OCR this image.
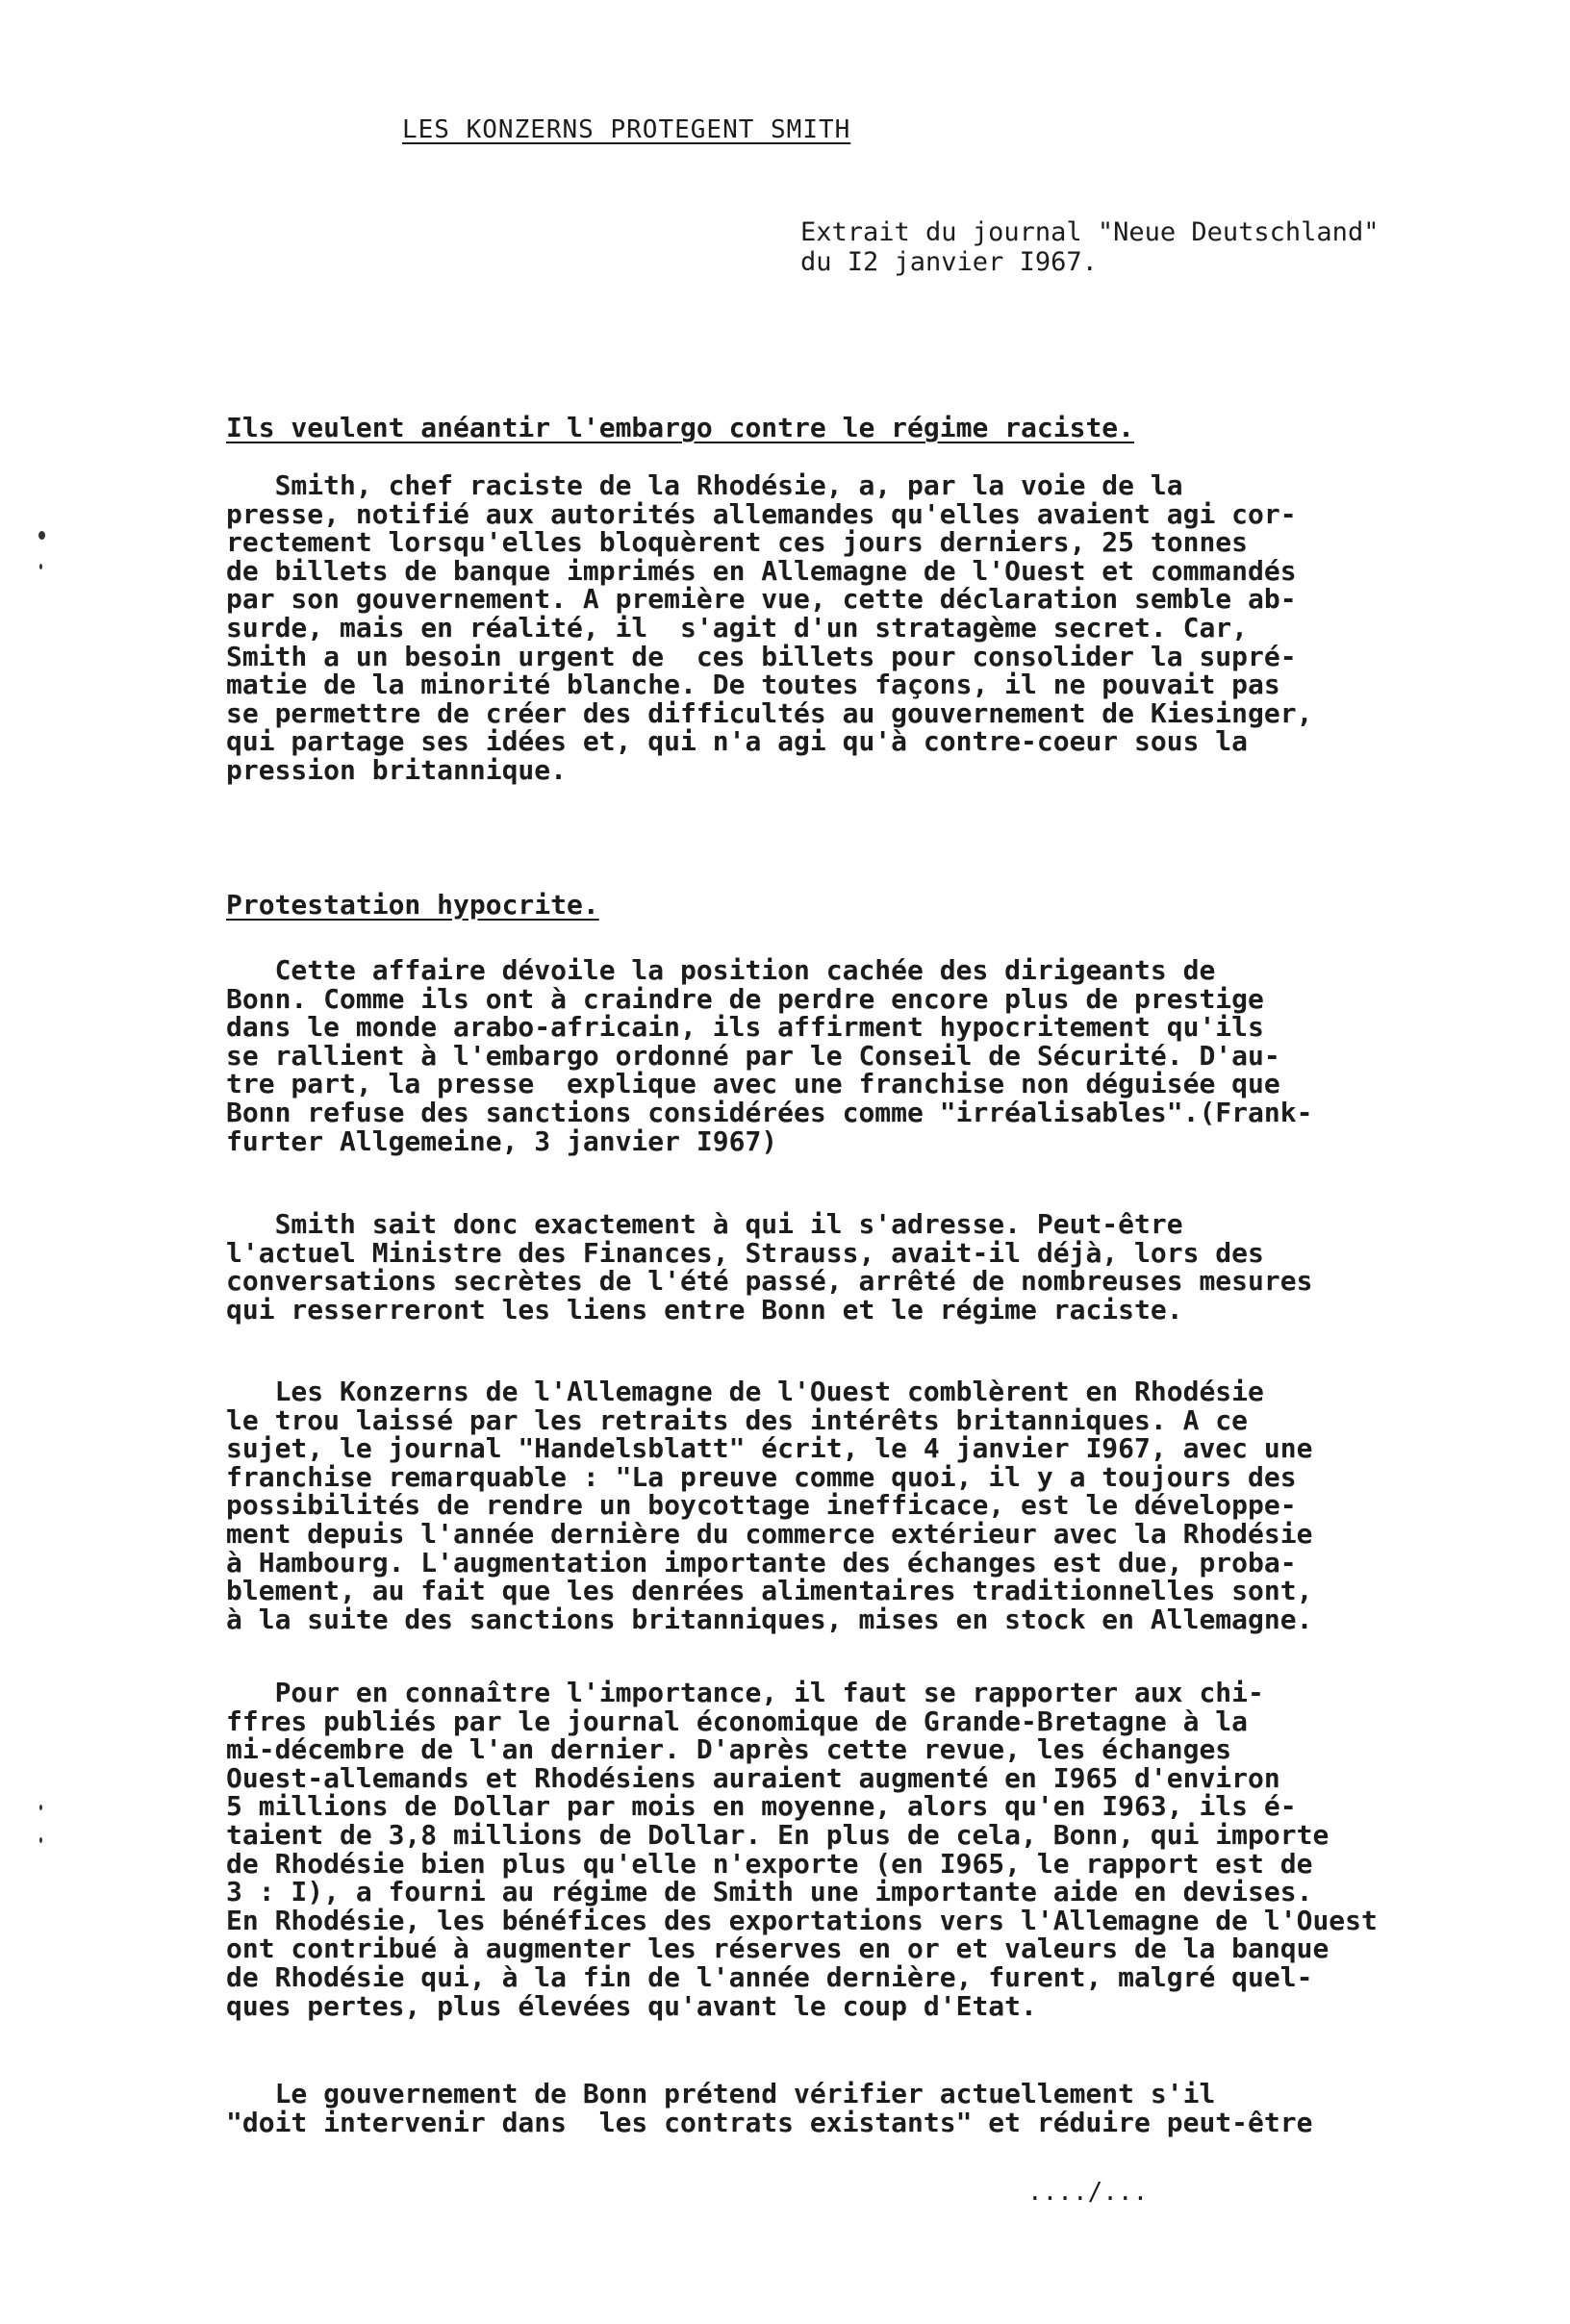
LES KONZERNS PROTEGENT SMITH
Extrait du journal "Neue Deutschland"
du I2 janvier I967.
Ils veulent anéantir l'embargo contre le régime raciste.
Smith, chef raciste de la Rhodésie, a, par la voie de la
presse, notifié aux autorités allemandes qu'elles avaient agi cor-
rectement lorsqu'elles bloquèrent ces jours derniers, 25 tonnes
de billets de banque imprimés en Allemagne de l'Ouest et commandés
par son gouvernement. A première vue, cette déclaration semble ab-
surde, mais en réalité, il  s'agit d'un stratagème secret. Car,
Smith a un besoin urgent de  ces billets pour consolider la supré-
matie de la minorité blanche. De toutes façons, il ne pouvait pas
se permettre de créer des difficultés au gouvernement de Kiesinger,
qui partage ses idées et, qui n'a agi qu'à contre-coeur sous la
pression britannique.
Protestation hypocrite.
Cette affaire dévoile la position cachée des dirigeants de
Bonn. Comme ils ont à craindre de perdre encore plus de prestige
dans le monde arabo-africain, ils affirment hypocritement qu'ils
se rallient à l'embargo ordonné par le Conseil de Sécurité. D'au-
tre part, la presse  explique avec une franchise non déguisée que
Bonn refuse des sanctions considérées comme "irréalisables".(Frank-
furter Allgemeine, 3 janvier I967)
Smith sait donc exactement à qui il s'adresse. Peut-être
l'actuel Ministre des Finances, Strauss, avait-il déjà, lors des
conversations secrètes de l'été passé, arrêté de nombreuses mesures
qui resserreront les liens entre Bonn et le régime raciste.
Les Konzerns de l'Allemagne de l'Ouest comblèrent en Rhodésie
le trou laissé par les retraits des intérêts britanniques. A ce
sujet, le journal "Handelsblatt" écrit, le 4 janvier I967, avec une
franchise remarquable : "La preuve comme quoi, il y a toujours des
possibilités de rendre un boycottage inefficace, est le développe-
ment depuis l'année dernière du commerce extérieur avec la Rhodésie
à Hambourg. L'augmentation importante des échanges est due, proba-
blement, au fait que les denrées alimentaires traditionnelles sont,
à la suite des sanctions britanniques, mises en stock en Allemagne.
Pour en connaître l'importance, il faut se rapporter aux chi-
ffres publiés par le journal économique de Grande-Bretagne à la
mi-décembre de l'an dernier. D'après cette revue, les échanges
Ouest-allemands et Rhodésiens auraient augmenté en I965 d'environ
5 millions de Dollar par mois en moyenne, alors qu'en I963, ils é-
taient de 3,8 millions de Dollar. En plus de cela, Bonn, qui importe
de Rhodésie bien plus qu'elle n'exporte (en I965, le rapport est de
3 : I), a fourni au régime de Smith une importante aide en devises.
En Rhodésie, les bénéfices des exportations vers l'Allemagne de l'Ouest
ont contribué à augmenter les réserves en or et valeurs de la banque
de Rhodésie qui, à la fin de l'année dernière, furent, malgré quel-
ques pertes, plus élevées qu'avant le coup d'Etat.
Le gouvernement de Bonn prétend vérifier actuellement s'il
"doit intervenir dans  les contrats existants" et réduire peut-être
..../...
